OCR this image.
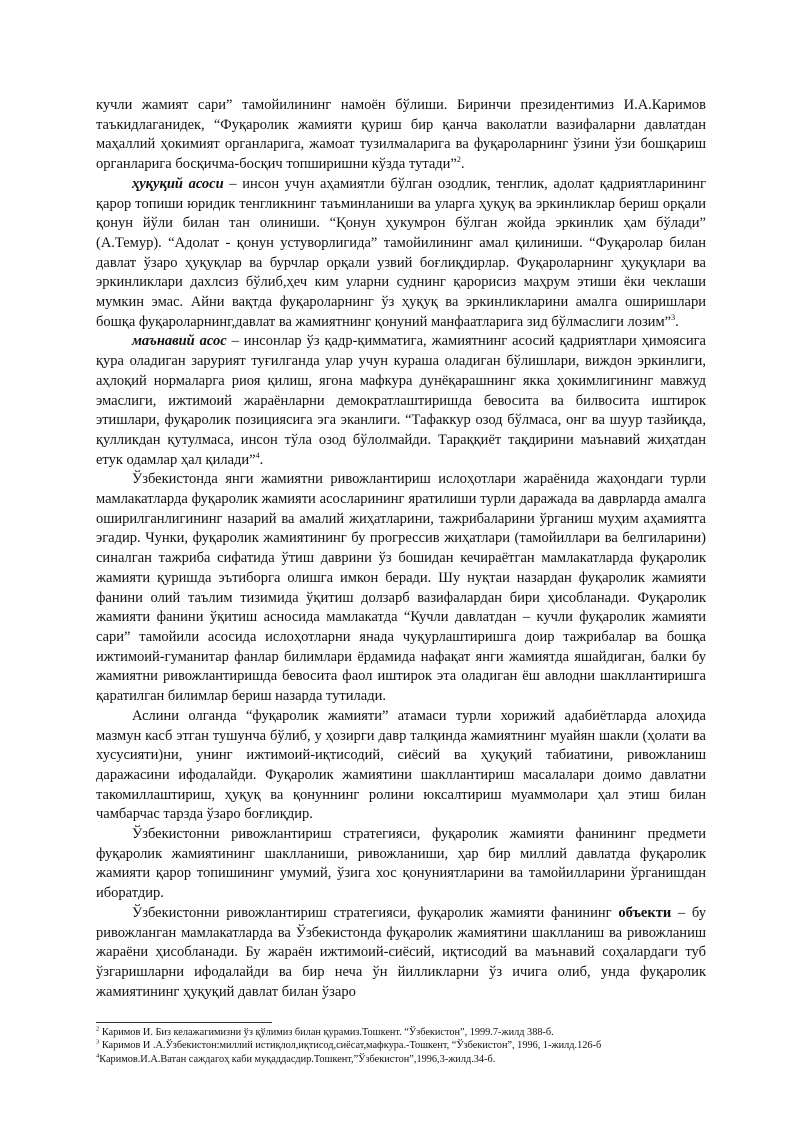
кучли жамият сари” тамойилининг намоён бўлиши. Биринчи президентимиз И.А.Каримов таъкидлаганидек, “Фуқаролик жамияти қуриш бир қанча ваколатли вазифаларни давлатдан маҳаллий ҳокимият органларига, жамоат тузилмаларига ва фуқароларнинг ўзини ўзи бошқариш органларига босқичма-босқич топширишни кўзда тутади”$^2$.

ҳуқуқий асоси – инсон учун аҳамиятли бўлган озодлик, тенглик, адолат қадриятларининг қарор топиши юридик тенгликнинг таъминланиши ва уларга ҳуқуқ ва эркинликлар бериш орқали қонун йўли билан тан олиниши. “Қонун ҳукумрон бўлган жойда эркинлик ҳам бўлади” (А.Темур). “Адолат - қонун устуворлигида” тамойилининг амал қилиниши. “Фуқаролар билан давлат ўзаро ҳуқуқлар ва бурчлар орқали узвий боғлиқдирлар. Фуқароларнинг ҳуқуқлари ва эркинликлари дахлсиз бўлиб,ҳеч ким уларни суднинг қарорисиз маҳрум этиши ёки чеклаши мумкин эмас. Айни вақтда фуқароларнинг ўз ҳуқуқ ва эркинликларини амалга оширишлари бошқа фуқароларнинг,давлат ва жамиятнинг қонуний манфаатларига зид бўлмаслиги лозим”$^3$.

маънавий асос – инсонлар ўз қадр-қимматига, жамиятнинг асосий қадриятлари ҳимоясига қура оладиган зарурият туғилганда улар учун кураша оладиган бўлишлари, виждон эркинлиги, аҳлоқий нормаларга риоя қилиш, ягона мафкура дунёқарашнинг якка ҳокимлигининг мавжуд эмаслиги, ижтимоий жараёнларни демократлаштиришда бевосита ва билвосита иштирок этишлари, фуқаролик позициясига эга эканлиги. “Тафаккур озод бўлмаса, онг ва шуур тазйиқда, қулликдан қутулмаса, инсон тўла озод бўлолмайди. Тараққиёт тақдирини маънавий жиҳатдан етук одамлар ҳал қилади”$^4$.

Ўзбекистонда янги жамиятни ривожлантириш ислоҳотлари жараёнида жаҳондаги турли мамлакатларда фуқаролик жамияти асосларининг яратилиши турли даражада ва даврларда амалга оширилганлигининг назарий ва амалий жиҳатларини, тажрибаларини ўрганиш муҳим аҳамиятга эгадир. Чунки, фуқаролик жамиятининг бу прогрессив жиҳатлари (тамойиллари ва белгиларини) синалган тажриба сифатида ўтиш даврини ўз бошидан кечираётган мамлакатларда фуқаролик жамияти қуришда эътиборга олишга имкон беради. Шу нуқтаи назардан фуқаролик жамияти фанини олий таълим тизимида ўқитиш долзарб вазифалардан бири ҳисобланади. Фуқаролик жамияти фанини ўқитиш асносида мамлакатда “Кучли давлатдан – кучли фуқаролик жамияти сари” тамойили асосида ислоҳотларни янада чуқурлаштиришга доир тажрибалар ва бошқа ижтимоий-гуманитар фанлар билимлари ёрдамида нафақат янги жамиятда яшайдиган, балки бу жамиятни ривожлантиришда бевосита фаол иштирок эта оладиган ёш авлодни шакллантиришга қаратилган билимлар бериш назарда тутилади.

Аслини олганда “фуқаролик жамияти” атамаси турли хорижий адабиётларда алоҳида мазмун касб этган тушунча бўлиб, у ҳозирги давр талқинда жамиятнинг муайян шакли (ҳолати ва хусусияти)ни, унинг ижтимоий-иқтисодий, сиёсий ва ҳуқуқий табиатини, ривожланиш даражасини ифодалайди. Фуқаролик жамиятини шакллантириш масалалари доимо давлатни такомиллаштириш, ҳуқуқ ва қонуннинг ролини юксалтириш муаммолари ҳал этиш билан чамбарчас тарзда ўзаро боғлиқдир.

Ўзбекистонни ривожлантириш стратегияси, фуқаролик жамияти фанининг предмети фуқаролик жамиятининг шаклланиши, ривожланиши, ҳар бир миллий давлатда фуқаролик жамияти қарор топишининг умумий, ўзига хос қонуниятларини ва тамойилларини ўрганишдан иборатдир.

Ўзбекистонни ривожлантириш стратегияси, фуқаролик жамияти фанининг объекти – бу ривожланган мамлакатларда ва Ўзбекистонда фуқаролик жамиятини шаклланиш ва ривожланиш жараёни ҳисобланади. Бу жараён ижтимоий-сиёсий, иқтисодий ва маънавий соҳалардаги туб ўзгаришларни ифодалайди ва бир неча ўн йилликларни ўз ичига олиб, унда фуқаролик жамиятининг ҳуқуқий давлат билан ўзаро

$^2$ Каримов И. Биз келажагимизни ўз қўлимиз билан қурамиз.Тошкент. “Ўзбекистон”, 1999.7-жилд 388-б.
$^3$ Каримов И .А.Ўзбекистон:миллий истиқлол,иқтисод,сиёсат,мафкура.-Тошкент, “Ўзбекистон”, 1996, 1-жилд.126-б
$^4$Каримов.И.А.Ватан саждагоҳ каби муқаддасдир.Тошкент,”Ўзбекистон”,1996,3-жилд.34-б.
